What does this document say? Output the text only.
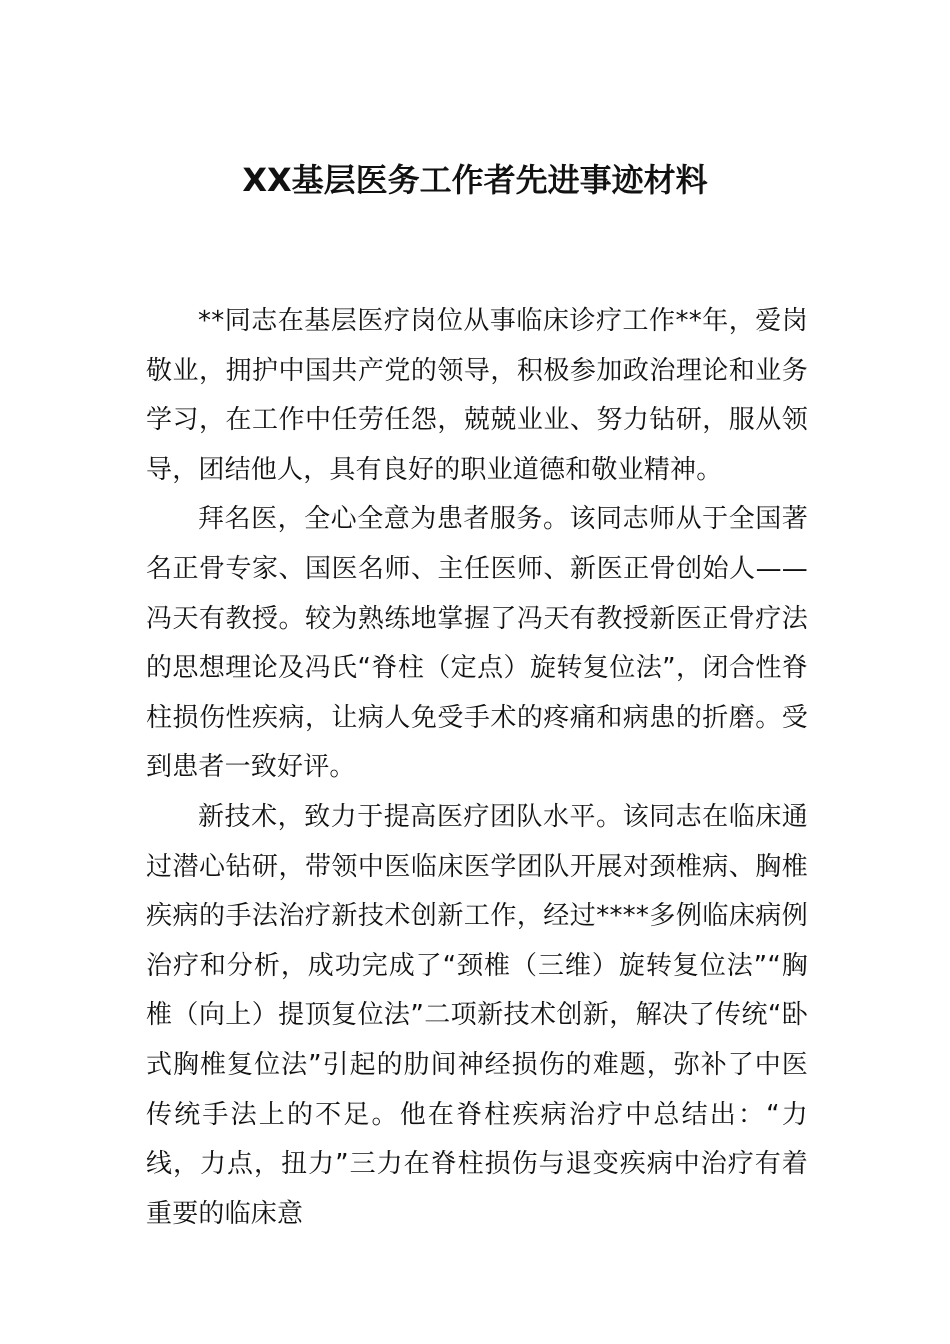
XX基层医务工作者先进事迹材料

**同志在基层医疗岗位从事临床诊疗工作**年，爱岗敬业，拥护中国共产党的领导，积极参加政治理论和业务学习，在工作中任劳任怨，兢兢业业、努力钻研，服从领导，团结他人，具有良好的职业道德和敬业精神。

拜名医，全心全意为患者服务。该同志师从于全国著名正骨专家、国医名师、主任医师、新医正骨创始人——冯天有教授。较为熟练地掌握了冯天有教授新医正骨疗法的思想理论及冯氏“脊柱（定点）旋转复位法”，闭合性脊柱损伤性疾病，让病人免受手术的疼痛和病患的折磨。受到患者一致好评。

新技术，致力于提高医疗团队水平。该同志在临床通过潜心钻研，带领中医临床医学团队开展对颈椎病、胸椎疾病的手法治疗新技术创新工作，经过****多例临床病例治疗和分析，成功完成了“颈椎（三维）旋转复位法”“胸椎（向上）提顶复位法”二项新技术创新，解决了传统“卧式胸椎复位法”引起的肋间神经损伤的难题，弥补了中医传统手法上的不足。他在脊柱疾病治疗中总结出：“力线，力点，扭力”三力在脊柱损伤与退变疾病中治疗有着重要的临床意
